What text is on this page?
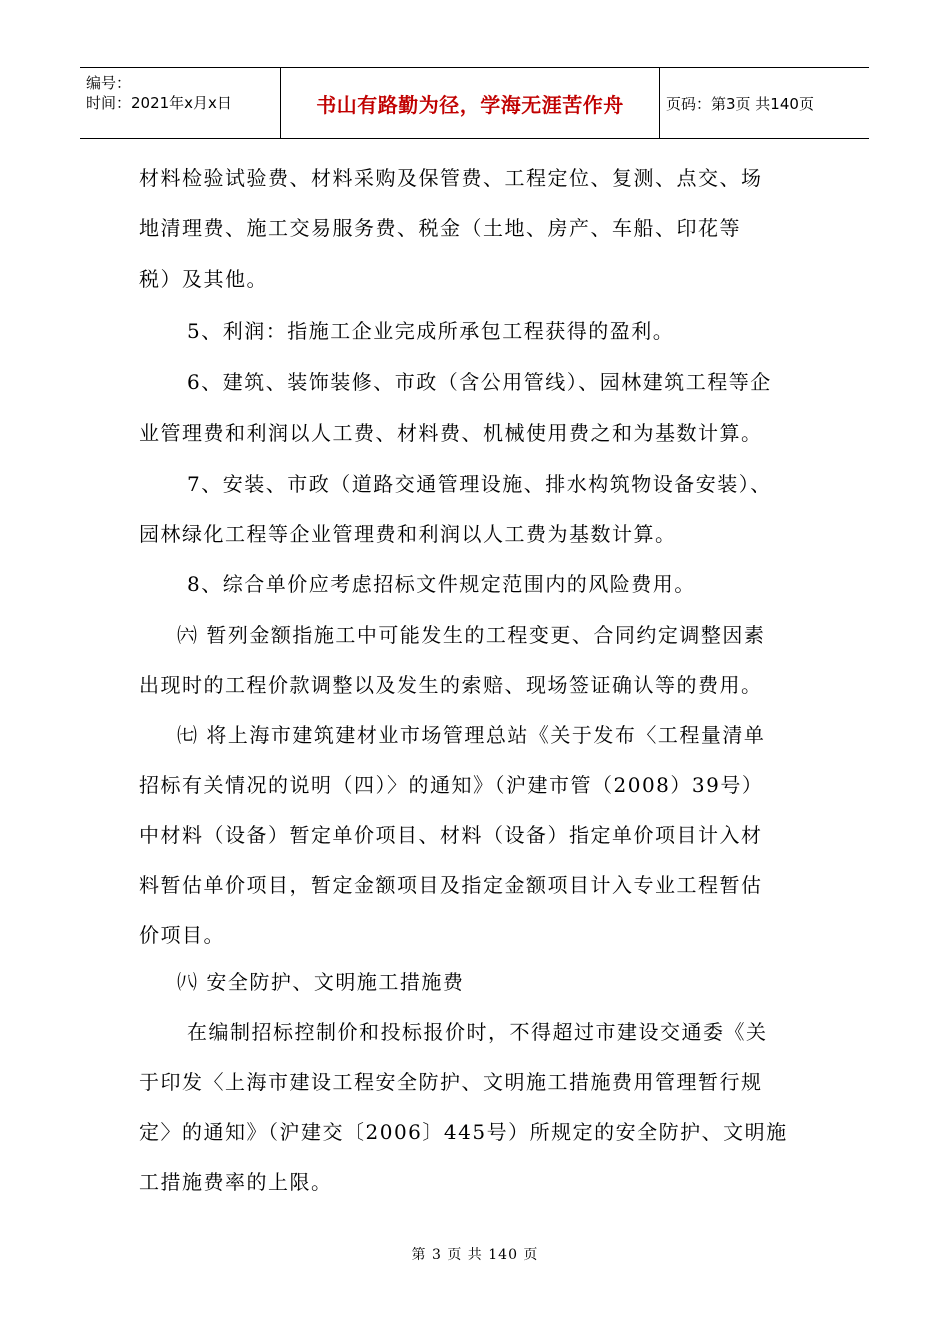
编号：
时间：2021年x月x日	书山有路勤为径，学海无涯苦作舟	页码：第3页 共140页
材料检验试验费、材料采购及保管费、工程定位、复测、点交、场
地清理费、施工交易服务费、税金（土地、房产、车船、印花等
税）及其他。
5、利润：指施工企业完成所承包工程获得的盈利。
6、建筑、装饰装修、市政（含公用管线）、园林建筑工程等企
业管理费和利润以人工费、材料费、机械使用费之和为基数计算。
7、安装、市政（道路交通管理设施、排水构筑物设备安装）、
园林绿化工程等企业管理费和利润以人工费为基数计算。
8、综合单价应考虑招标文件规定范围内的风险费用。
㈥ 暂列金额指施工中可能发生的工程变更、合同约定调整因素
出现时的工程价款调整以及发生的索赔、现场签证确认等的费用。
㈦ 将上海市建筑建材业市场管理总站《关于发布〈工程量清单
招标有关情况的说明（四）〉的通知》（沪建市管（2008）39号）
中材料（设备）暂定单价项目、材料（设备）指定单价项目计入材
料暂估单价项目，暂定金额项目及指定金额项目计入专业工程暂估
价项目。
㈧ 安全防护、文明施工措施费
在编制招标控制价和投标报价时，不得超过市建设交通委《关
于印发〈上海市建设工程安全防护、文明施工措施费用管理暂行规
定〉的通知》（沪建交〔2006〕445号）所规定的安全防护、文明施
工措施费率的上限。
第 3 页 共 140 页
